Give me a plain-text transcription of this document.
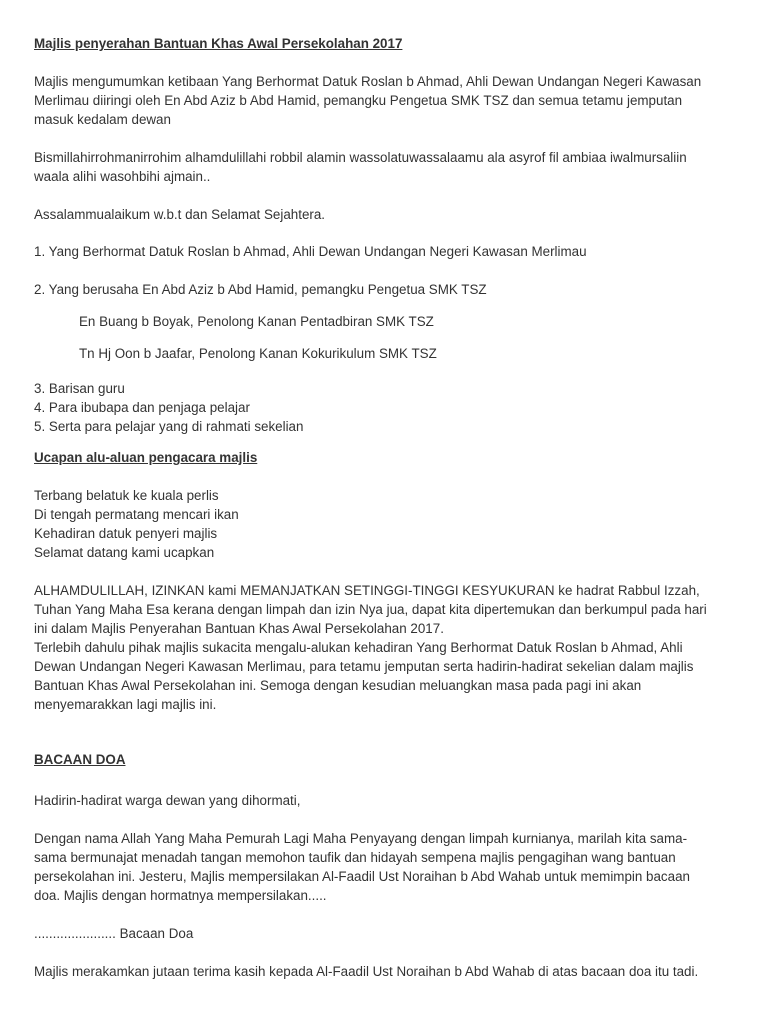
Majlis penyerahan Bantuan Khas Awal Persekolahan 2017

Majlis mengumumkan ketibaan Yang Berhormat Datuk Roslan b Ahmad, Ahli Dewan Undangan Negeri Kawasan

Merlimau diiringi oleh En Abd Aziz b Abd Hamid, pemangku Pengetua SMK TSZ dan semua tetamu jemputan

masuk kedalam dewan

Bismillahirrohmanirrohim alhamdulillahi robbil alamin wassolatuwassalaamu ala asyrof fil ambiaa iwalmursaliin

waala alihi wasohbihi ajmain..

Assalammualaikum w.b.t dan Selamat Sejahtera.

1. Yang Berhormat Datuk Roslan b Ahmad, Ahli Dewan Undangan Negeri Kawasan Merlimau

2. Yang berusaha En Abd Aziz b Abd Hamid, pemangku Pengetua SMK TSZ

En Buang b Boyak, Penolong Kanan Pentadbiran SMK TSZ

Tn Hj Oon b Jaafar, Penolong Kanan Kokurikulum SMK TSZ

3. Barisan guru

4. Para ibubapa dan penjaga pelajar

5. Serta para pelajar yang di rahmati sekelian

Ucapan alu-aluan pengacara majlis

Terbang belatuk ke kuala perlis

Di tengah permatang mencari ikan

Kehadiran datuk penyeri majlis

Selamat datang kami ucapkan

ALHAMDULILLAH, IZINKAN kami MEMANJATKAN SETINGGI-TINGGI KESYUKURAN ke hadrat Rabbul Izzah,

Tuhan Yang Maha Esa kerana dengan limpah dan izin Nya jua, dapat kita dipertemukan dan berkumpul pada hari

ini dalam Majlis Penyerahan Bantuan Khas Awal Persekolahan 2017.

Terlebih dahulu pihak majlis sukacita mengalu-alukan kehadiran Yang Berhormat Datuk Roslan b Ahmad, Ahli

Dewan Undangan Negeri Kawasan Merlimau, para tetamu jemputan serta hadirin-hadirat sekelian dalam majlis

Bantuan Khas Awal Persekolahan ini. Semoga dengan kesudian meluangkan masa pada pagi ini akan

menyemarakkan lagi majlis ini.

BACAAN DOA

Hadirin-hadirat warga dewan yang dihormati,

Dengan nama Allah Yang Maha Pemurah Lagi Maha Penyayang dengan limpah kurnianya, marilah kita sama-

sama bermunajat menadah tangan memohon taufik dan hidayah sempena majlis pengagihan wang bantuan

persekolahan ini. Jesteru, Majlis mempersilakan Al-Faadil Ust Noraihan b Abd Wahab untuk memimpin bacaan

doa. Majlis dengan hormatnya mempersilakan.....

...................... Bacaan Doa

Majlis merakamkan jutaan terima kasih kepada Al-Faadil Ust Noraihan b Abd Wahab di atas bacaan doa itu tadi.
